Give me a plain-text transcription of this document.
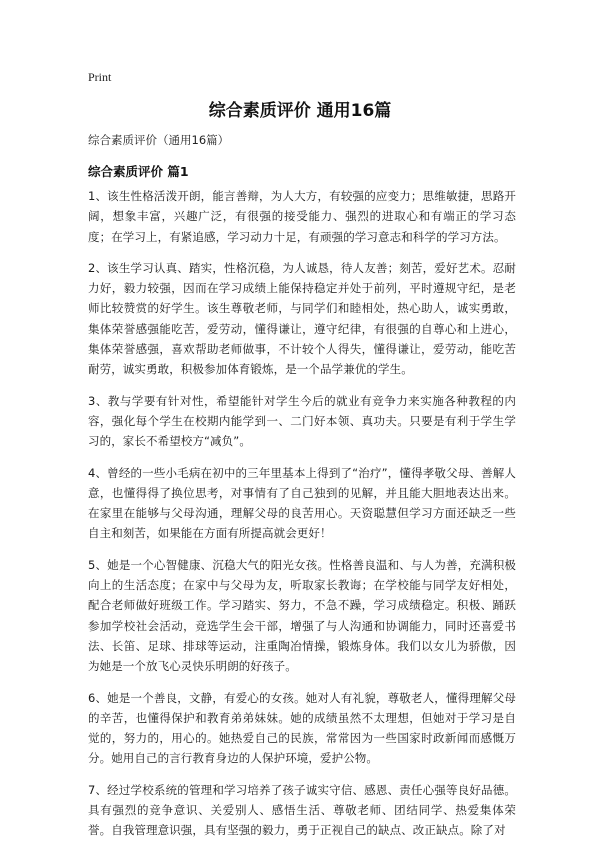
Print
综合素质评价 通用16篇
综合素质评价（通用16篇）
综合素质评价 篇1

1、该生性格活泼开朗，能言善辩，为人大方，有较强的应变力；思维敏捷，思路开阔，想象丰富，兴趣广泛，有很强的接受能力、强烈的进取心和有端正的学习态度；在学习上，有紧追感，学习动力十足，有顽强的学习意志和科学的学习方法。

2、该生学习认真、踏实，性格沉稳，为人诚恳，待人友善；刻苦，爱好艺术。忍耐力好，毅力较强，因而在学习成绩上能保持稳定并处于前列，平时遵规守纪，是老师比较赞赏的好学生。该生尊敬老师，与同学们和睦相处，热心助人，诚实勇敢，集体荣誉感强能吃苦，爱劳动，懂得谦让，遵守纪律，有很强的自尊心和上进心，集体荣誉感强，喜欢帮助老师做事，不计较个人得失，懂得谦让，爱劳动，能吃苦耐劳，诚实勇敢，积极参加体育锻炼，是一个品学兼优的学生。

3、教与学要有针对性，希望能针对学生今后的就业有竞争力来实施各种教程的内容，强化每个学生在校期内能学到一、二门好本领、真功夫。只要是有利于学生学习的，家长不希望校方“减负”。

4、曾经的一些小毛病在初中的三年里基本上得到了“治疗”，懂得孝敬父母、善解人意，也懂得得了换位思考，对事情有了自己独到的见解，并且能大胆地表达出来。在家里在能够与父母沟通，理解父母的良苦用心。天资聪慧但学习方面还缺乏一些自主和刻苦，如果能在方面有所提高就会更好！

5、她是一个心智健康、沉稳大气的阳光女孩。性格善良温和、与人为善，充满积极向上的生活态度；在家中与父母为友，听取家长教诲；在学校能与同学友好相处，配合老师做好班级工作。学习踏实、努力，不急不躁，学习成绩稳定。积极、踊跃参加学校社会活动，竞选学生会干部，增强了与人沟通和协调能力，同时还喜爱书法、长笛、足球、排球等运动，注重陶冶情操，锻炼身体。我们以女儿为骄傲，因为她是一个放飞心灵快乐明朗的好孩子。

6、她是一个善良，文静，有爱心的女孩。她对人有礼貌，尊敬老人，懂得理解父母的辛苦，也懂得保护和教育弟弟妹妹。她的成绩虽然不太理想，但她对于学习是自觉的，努力的，用心的。她热爱自己的民族，常常因为一些国家时政新闻而感慨万分。她用自己的言行教育身边的人保护环境，爱护公物。

7、经过学校系统的管理和学习培养了孩子诚实守信、感恩、责任心强等良好品德。具有强烈的竞争意识、关爱别人、感悟生活、尊敬老师、团结同学、热爱集体荣誉。自我管理意识强，具有坚强的毅力，勇于正视自己的缺点、改正缺点。除了对
